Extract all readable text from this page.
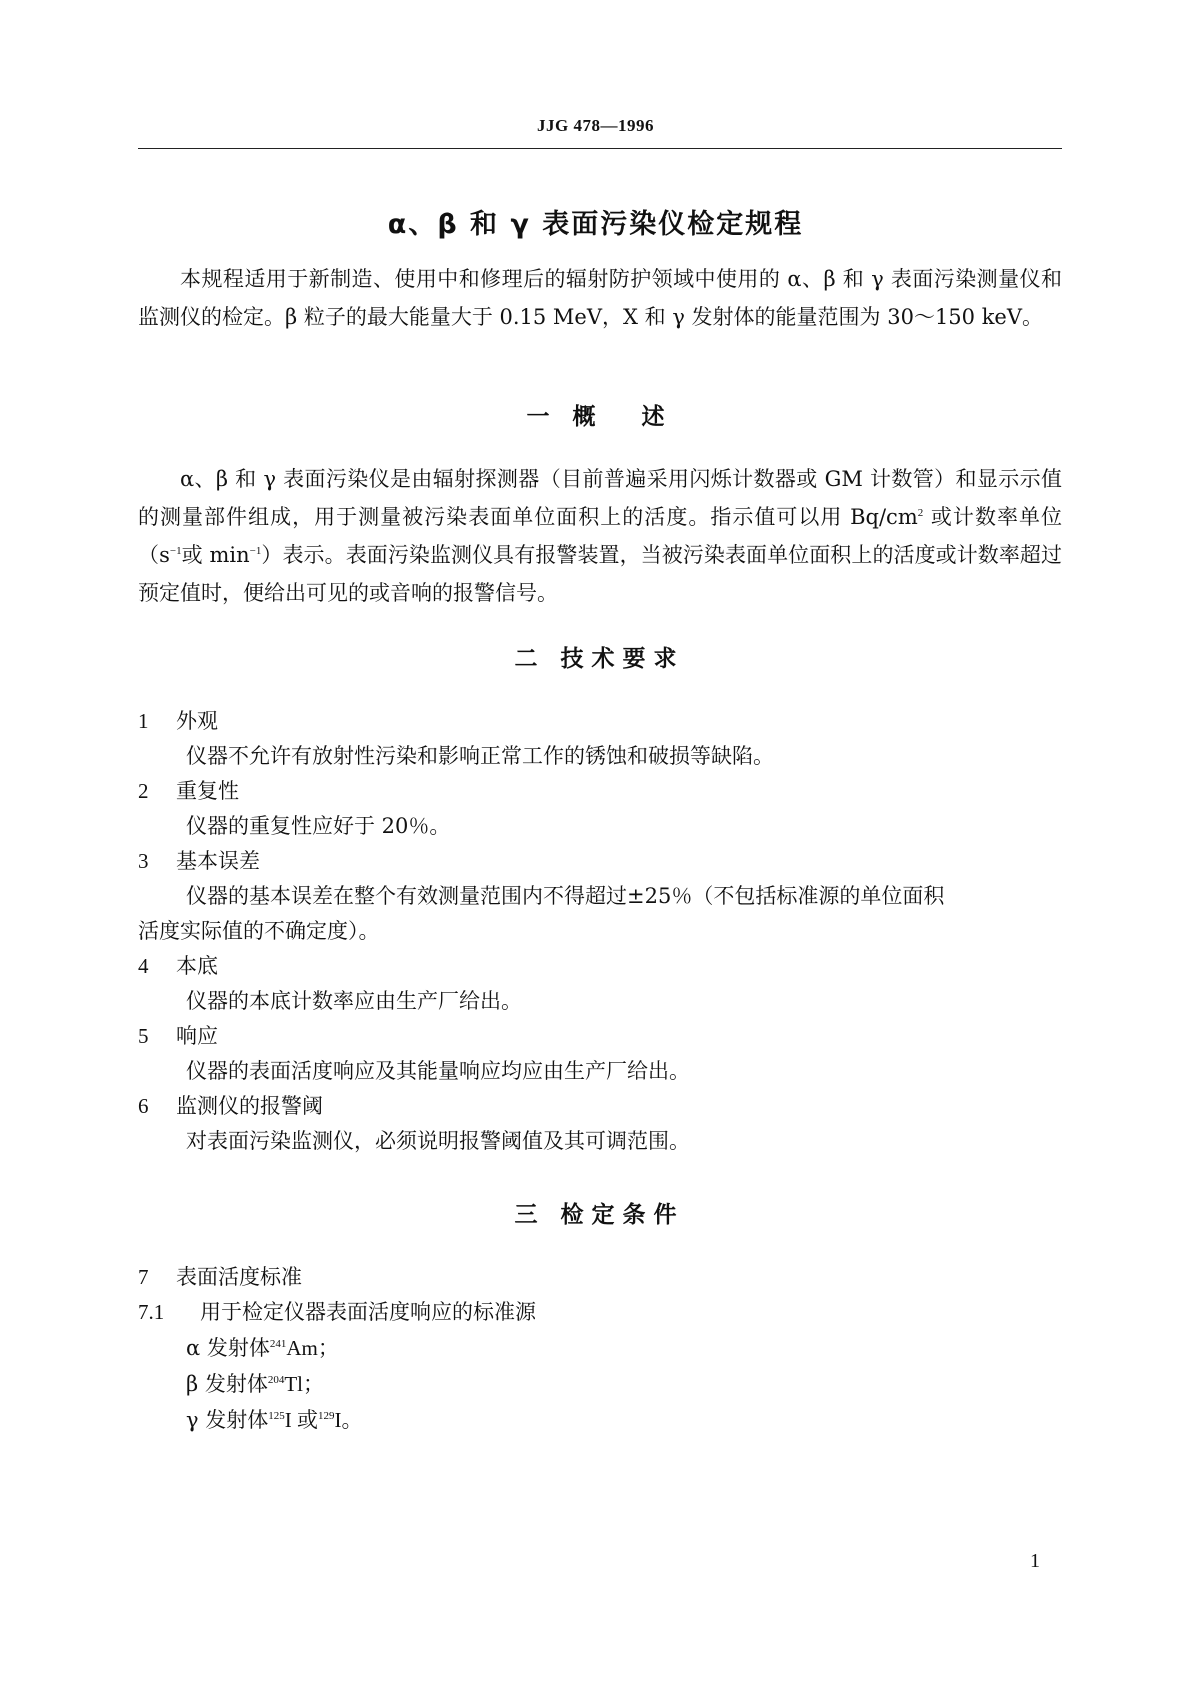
JJG 478—1996
α、β 和 γ 表面污染仪检定规程
本规程适用于新制造、使用中和修理后的辐射防护领域中使用的 α、β 和 γ 表面污染测量仪和监测仪的检定。β 粒子的最大能量大于 0.15 MeV，X 和 γ 发射体的能量范围为 30～150 keV。
一　概　　述
α、β 和 γ 表面污染仪是由辐射探测器（目前普遍采用闪烁计数器或 GM 计数管）和显示示值的测量部件组成，用于测量被污染表面单位面积上的活度。指示值可以用 $Bq/cm^2$ 或计数率单位（$s^{-1}$或 $\min^{-1}$）表示。表面污染监测仪具有报警装置，当被污染表面单位面积上的活度或计数率超过预定值时，便给出可见的或音响的报警信号。
二　技 术 要 求
1 外观
仪器不允许有放射性污染和影响正常工作的锈蚀和破损等缺陷。
2 重复性
仪器的重复性应好于 20％。
3 基本误差
仪器的基本误差在整个有效测量范围内不得超过±25％（不包括标准源的单位面积
活度实际值的不确定度）。
4 本底
仪器的本底计数率应由生产厂给出。
5 响应
仪器的表面活度响应及其能量响应均应由生产厂给出。
6 监测仪的报警阈
对表面污染监测仪，必须说明报警阈值及其可调范围。
三　检 定 条 件
7 表面活度标准
7.1 用于检定仪器表面活度响应的标准源
α 发射体$^{241}$Am；
β 发射体$^{204}$Tl；
γ 发射体$^{125}$I 或$^{129}$I。
1
